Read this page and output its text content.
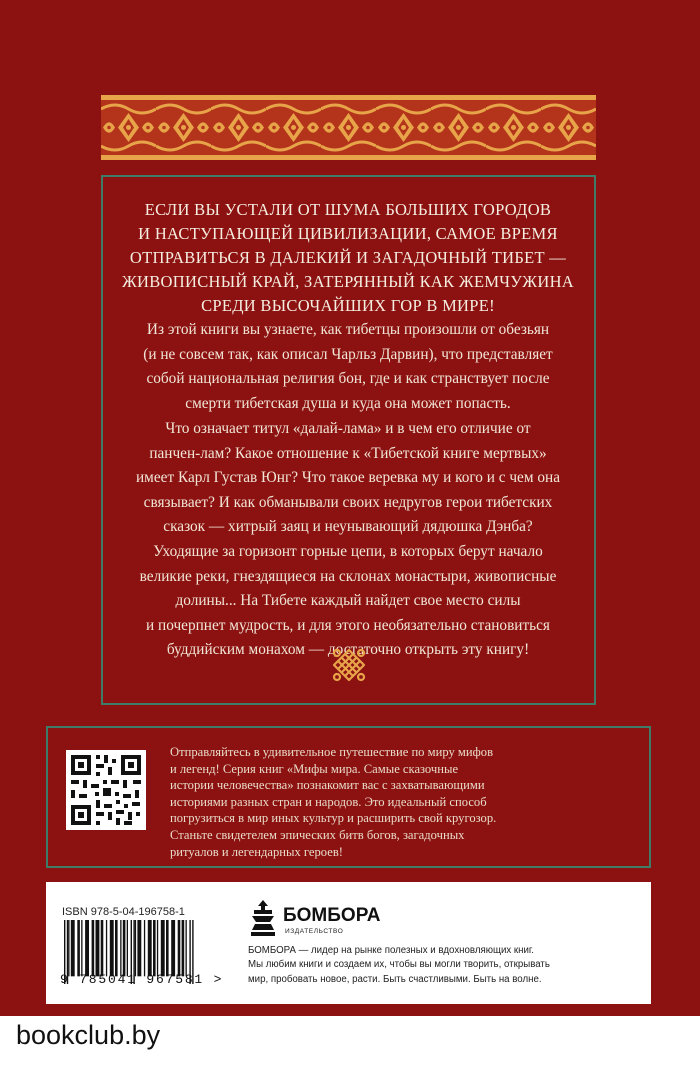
ЕСЛИ ВЫ УСТАЛИ ОТ ШУМА БОЛЬШИХ ГОРОДОВ
И НАСТУПАЮЩЕЙ ЦИВИЛИЗАЦИИ, САМОЕ ВРЕМЯ
ОТПРАВИТЬСЯ В ДАЛЕКИЙ И ЗАГАДОЧНЫЙ ТИБЕТ —
ЖИВОПИСНЫЙ КРАЙ, ЗАТЕРЯННЫЙ КАК ЖЕМЧУЖИНА
СРЕДИ ВЫСОЧАЙШИХ ГОР В МИРЕ!
Из этой книги вы узнаете, как тибетцы произошли от обезьян
(и не совсем так, как описал Чарльз Дарвин), что представляет
собой национальная религия бон, где и как странствует после
смерти тибетская душа и куда она может попасть.
Что означает титул «далай-лама» и в чем его отличие от
панчен-лам? Какое отношение к «Тибетской книге мертвых»
имеет Карл Густав Юнг? Что такое веревка му и кого и с чем она
связывает? И как обманывали своих недругов герои тибетских
сказок — хитрый заяц и неунывающий дядюшка Дэнба?
Уходящие за горизонт горные цепи, в которых берут начало
великие реки, гнездящиеся на склонах монастыри, живописные
долины... На Тибете каждый найдет свое место силы
и почерпнет мудрость, и для этого необязательно становиться
буддийским монахом — достаточно открыть эту книгу!
Отправляйтесь в удивительное путешествие по миру мифов
и легенд! Серия книг «Мифы мира. Самые сказочные
истории человечества» познакомит вас с захватывающими
историями разных стран и народов. Это идеальный способ
погрузиться в мир иных культур и расширить свой кругозор.
Станьте свидетелем эпических битв богов, загадочных
ритуалов и легендарных героев!
ISBN 978-5-04-196758-1
9 785041 967581 >
БОМБОРА
ИЗДАТЕЛЬСТВО
БОМБОРА — лидер на рынке полезных и вдохновляющих книг.
Мы любим книги и создаем их, чтобы вы могли творить, открывать
мир, пробовать новое, расти. Быть счастливыми. Быть на волне.
bookclub.by
